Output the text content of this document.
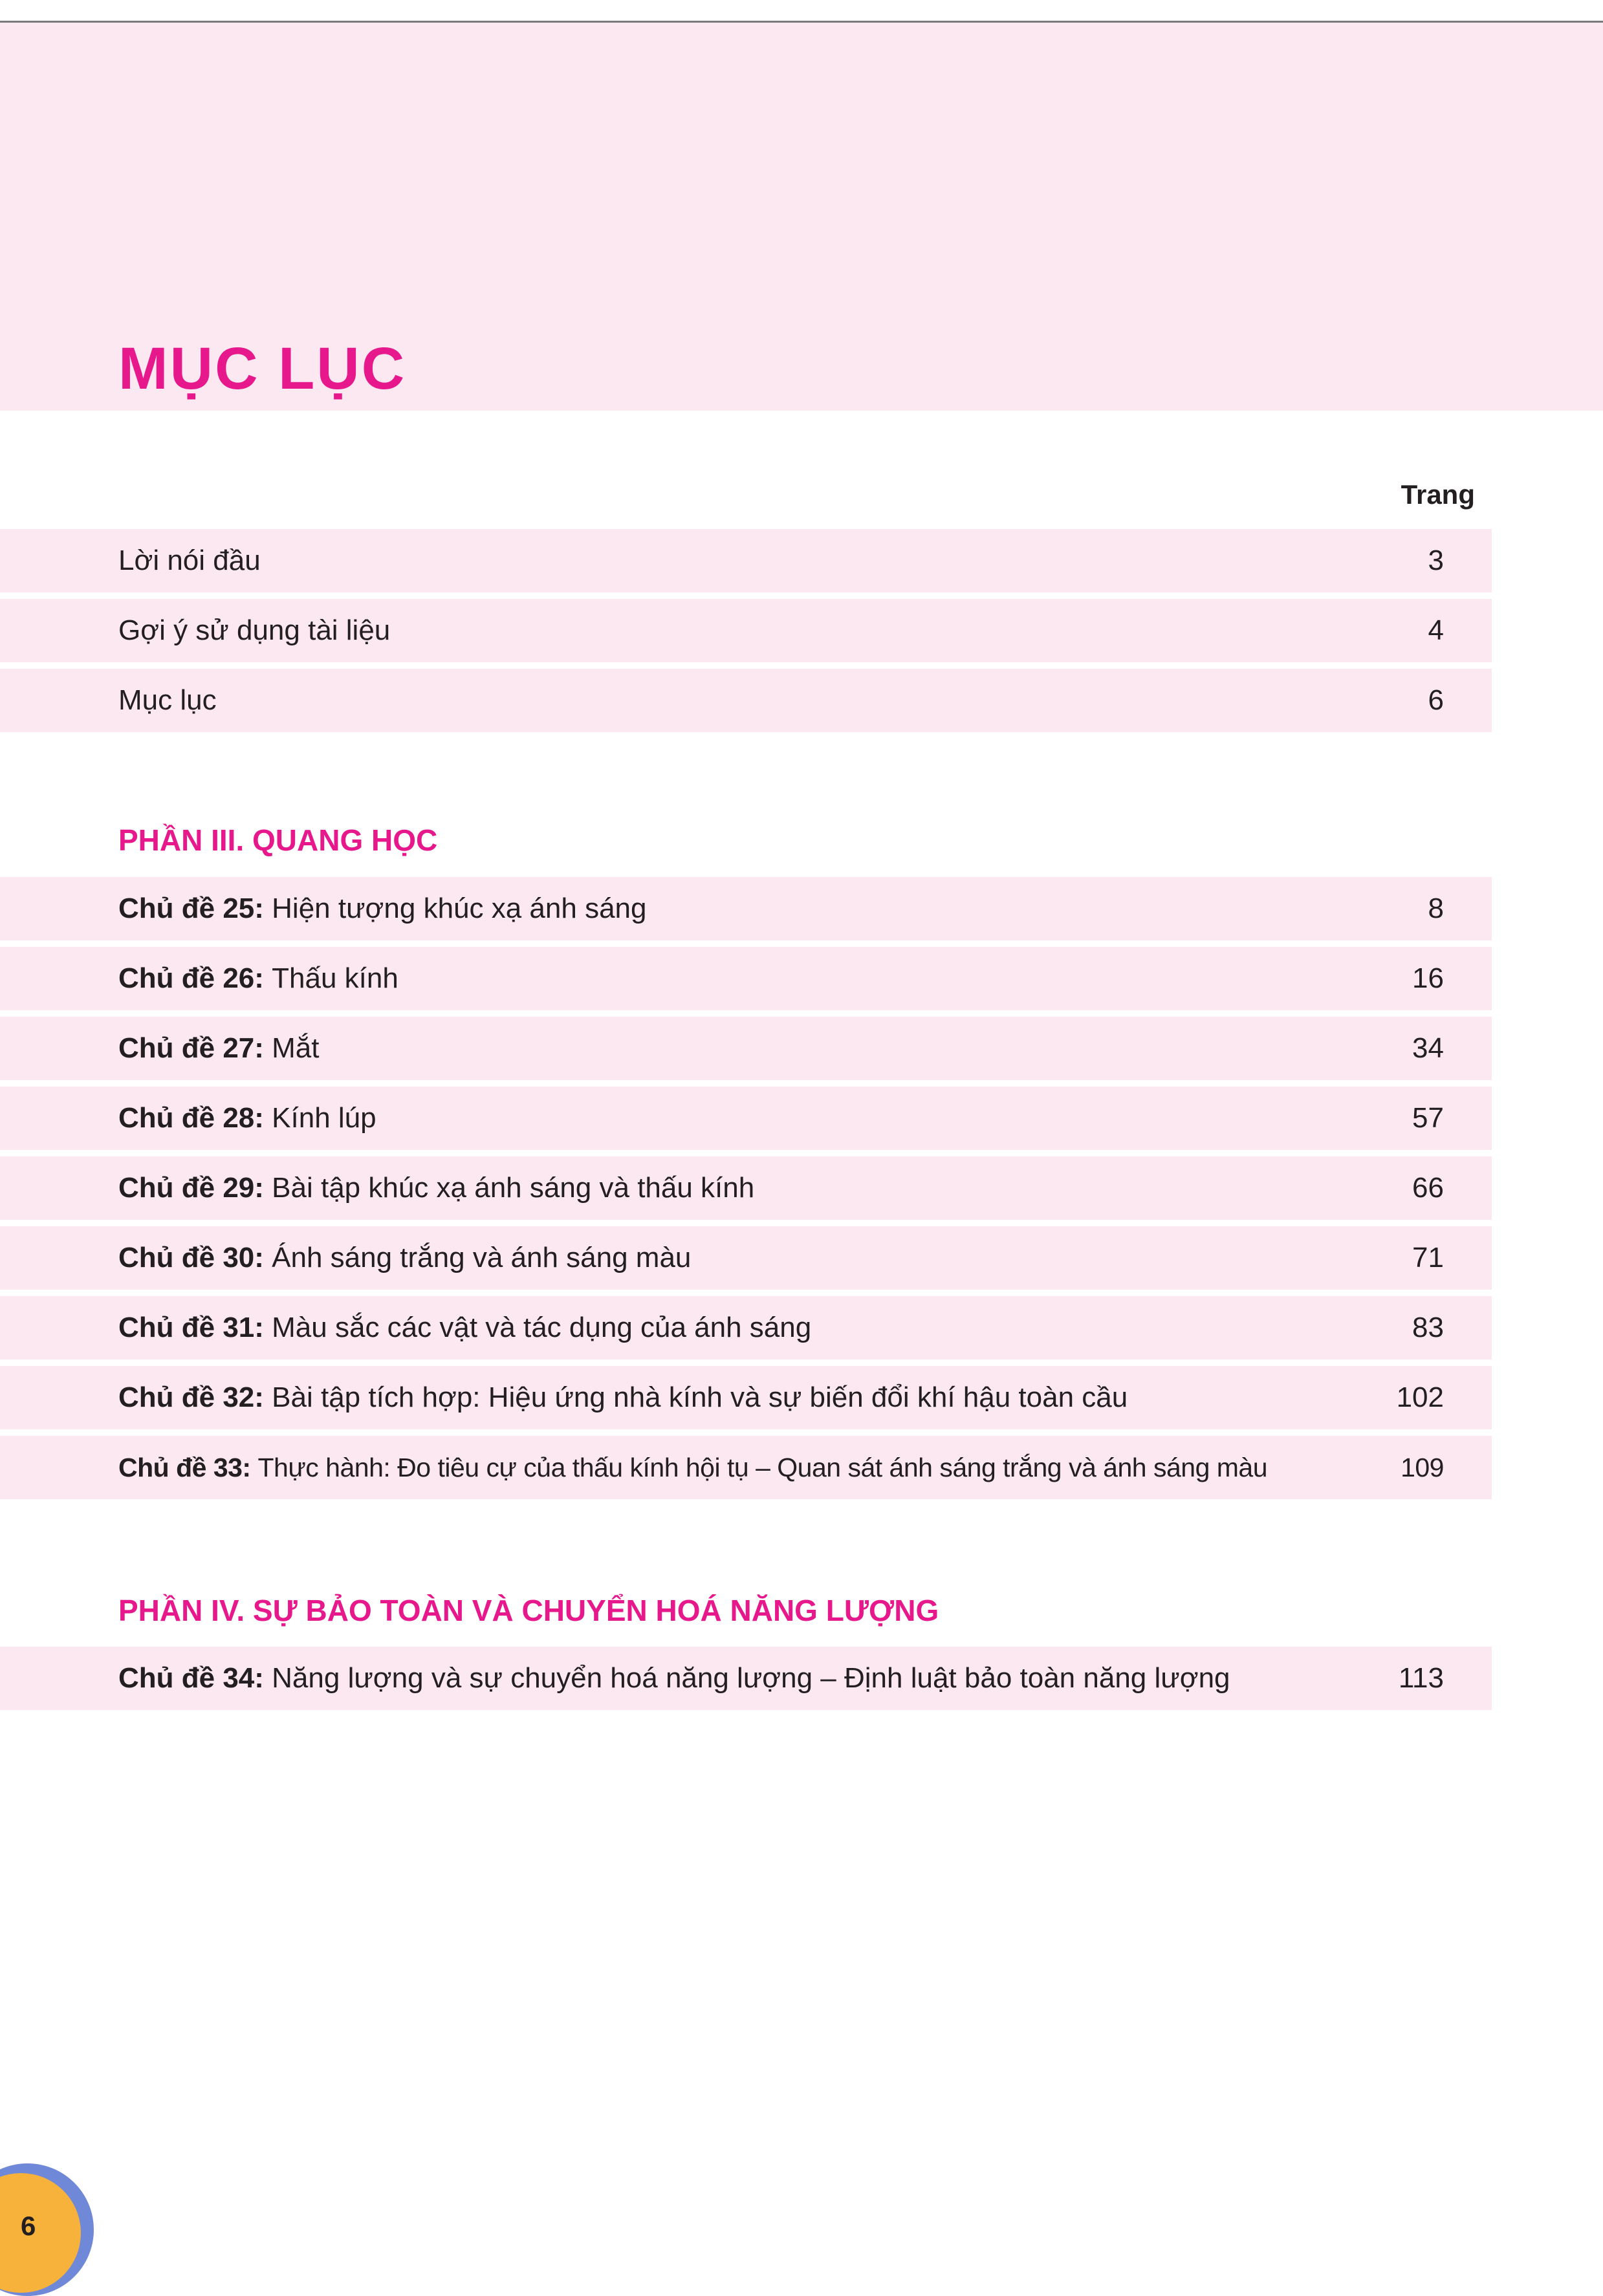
MỤC LỤC
Trang
Lời nói đầu	3
Gợi ý sử dụng tài liệu	4
Mục lục	6
PHẦN III. QUANG HỌC
Chủ đề 25: Hiện tượng khúc xạ ánh sáng	8
Chủ đề 26: Thấu kính	16
Chủ đề 27: Mắt	34
Chủ đề 28: Kính lúp	57
Chủ đề 29: Bài tập khúc xạ ánh sáng và thấu kính	66
Chủ đề 30: Ánh sáng trắng và ánh sáng màu	71
Chủ đề 31: Màu sắc các vật và tác dụng của ánh sáng	83
Chủ đề 32: Bài tập tích hợp: Hiệu ứng nhà kính và sự biến đổi khí hậu toàn cầu	102
Chủ đề 33: Thực hành: Đo tiêu cự của thấu kính hội tụ – Quan sát ánh sáng trắng và ánh sáng màu	109
PHẦN IV. SỰ BẢO TOÀN VÀ CHUYỂN HOÁ NĂNG LƯỢNG
Chủ đề 34: Năng lượng và sự chuyển hoá năng lượng – Định luật bảo toàn năng lượng	113
6
